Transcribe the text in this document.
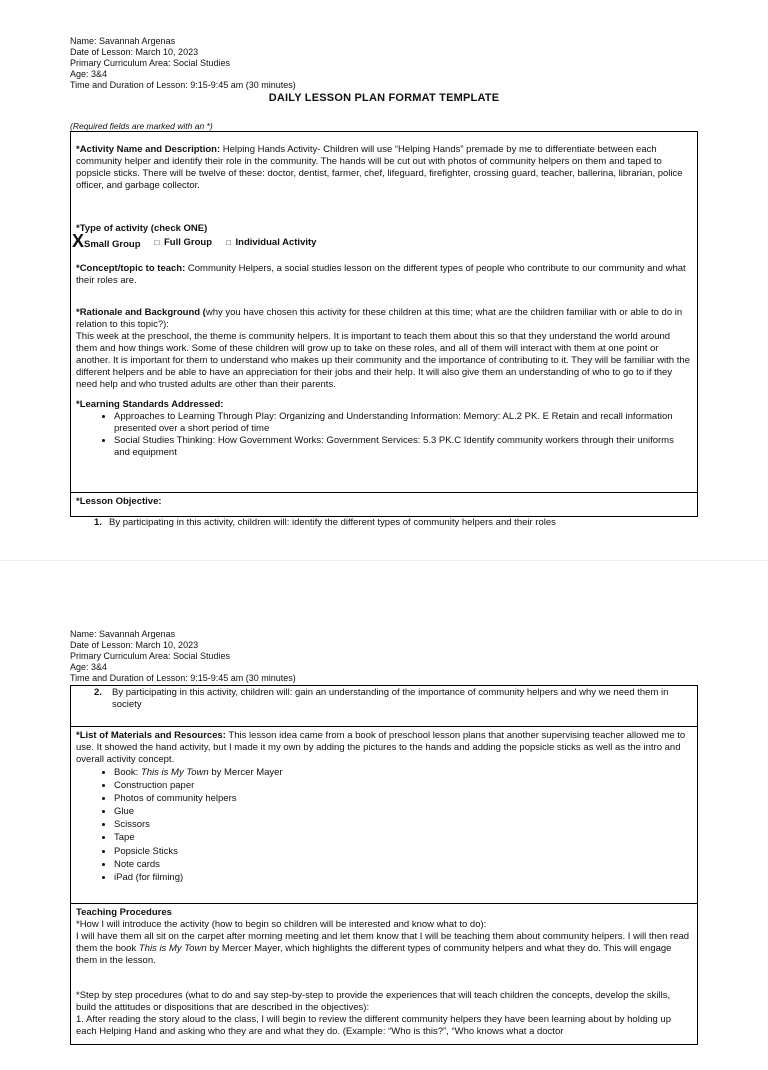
Name: Savannah Argenas
Date of Lesson: March 10, 2023
Primary Curriculum Area: Social Studies
Age: 3&4
Time and Duration of Lesson: 9:15-9:45 am (30 minutes)
DAILY LESSON PLAN FORMAT TEMPLATE
(Required fields are marked with an *)

*Activity Name and Description: Helping Hands Activity- Children will use “Helping Hands” premade by me to differentiate between each community helper and identify their role in the community. The hands will be cut out with photos of community helpers on them and taped to popsicle sticks. There will be twelve of these: doctor, dentist, farmer, chef, lifeguard, firefighter, crossing guard, teacher, ballerina, librarian, police officer, and garbage collector.

*Type of activity (check ONE)

XSmall Group □ Full Group □ Individual Activity

*Concept/topic to teach: Community Helpers, a social studies lesson on the different types of people who contribute to our community and what their roles are.

*Rationale and Background (why you have chosen this activity for these children at this time; what are the children familiar with or able to do in relation to this topic?):

This week at the preschool, the theme is community helpers. It is important to teach them about this so that they understand the world around them and how things work. Some of these children will grow up to take on these roles, and all of them will interact with them at one point or another. It is important for them to understand who makes up their community and the importance of contributing to it. They will be familiar with the different helpers and be able to have an appreciation for their jobs and their help. It will also give them an understanding of who to go to if they need help and who trusted adults are other than their parents.

*Learning Standards Addressed:

• Approaches to Learning Through Play: Organizing and Understanding Information: Memory: AL.2 PK. E Retain and recall information presented over a short period of time
• Social Studies Thinking: How Government Works: Government Services: 5.3 PK.C Identify community workers through their uniforms and equipment

*Lesson Objective:

1. By participating in this activity, children will: identify the different types of community helpers and their roles
Name: Savannah Argenas
Date of Lesson: March 10, 2023
Primary Curriculum Area: Social Studies
Age: 3&4
Time and Duration of Lesson: 9:15-9:45 am (30 minutes)
2.	By participating in this activity, children will: gain an understanding of the importance of community helpers and why we need them in society

*List of Materials and Resources: This lesson idea came from a book of preschool lesson plans that another supervising teacher allowed me to use. It showed the hand activity, but I made it my own by adding the pictures to the hands and adding the popsicle sticks as well as the intro and overall activity concept.

• Book: This is My Town by Mercer Mayer
• Construction paper
• Photos of community helpers
• Glue
• Scissors
• Tape
• Popsicle Sticks
• Note cards
• iPad (for filming)

Teaching Procedures

*How I will introduce the activity (how to begin so children will be interested and know what to do):

I will have them all sit on the carpet after morning meeting and let them know that I will be teaching them about community helpers. I will then read them the book This is My Town by Mercer Mayer, which highlights the different types of community helpers and what they do. This will engage them in the lesson.

*Step by step procedures (what to do and say step-by-step to provide the experiences that will teach children the concepts, develop the skills, build the attitudes or dispositions that are described in the objectives):

1. After reading the story aloud to the class, I will begin to review the different community helpers they have been learning about by holding up each Helping Hand and asking who they are and what they do. (Example: “Who is this?”, “Who knows what a doctor
